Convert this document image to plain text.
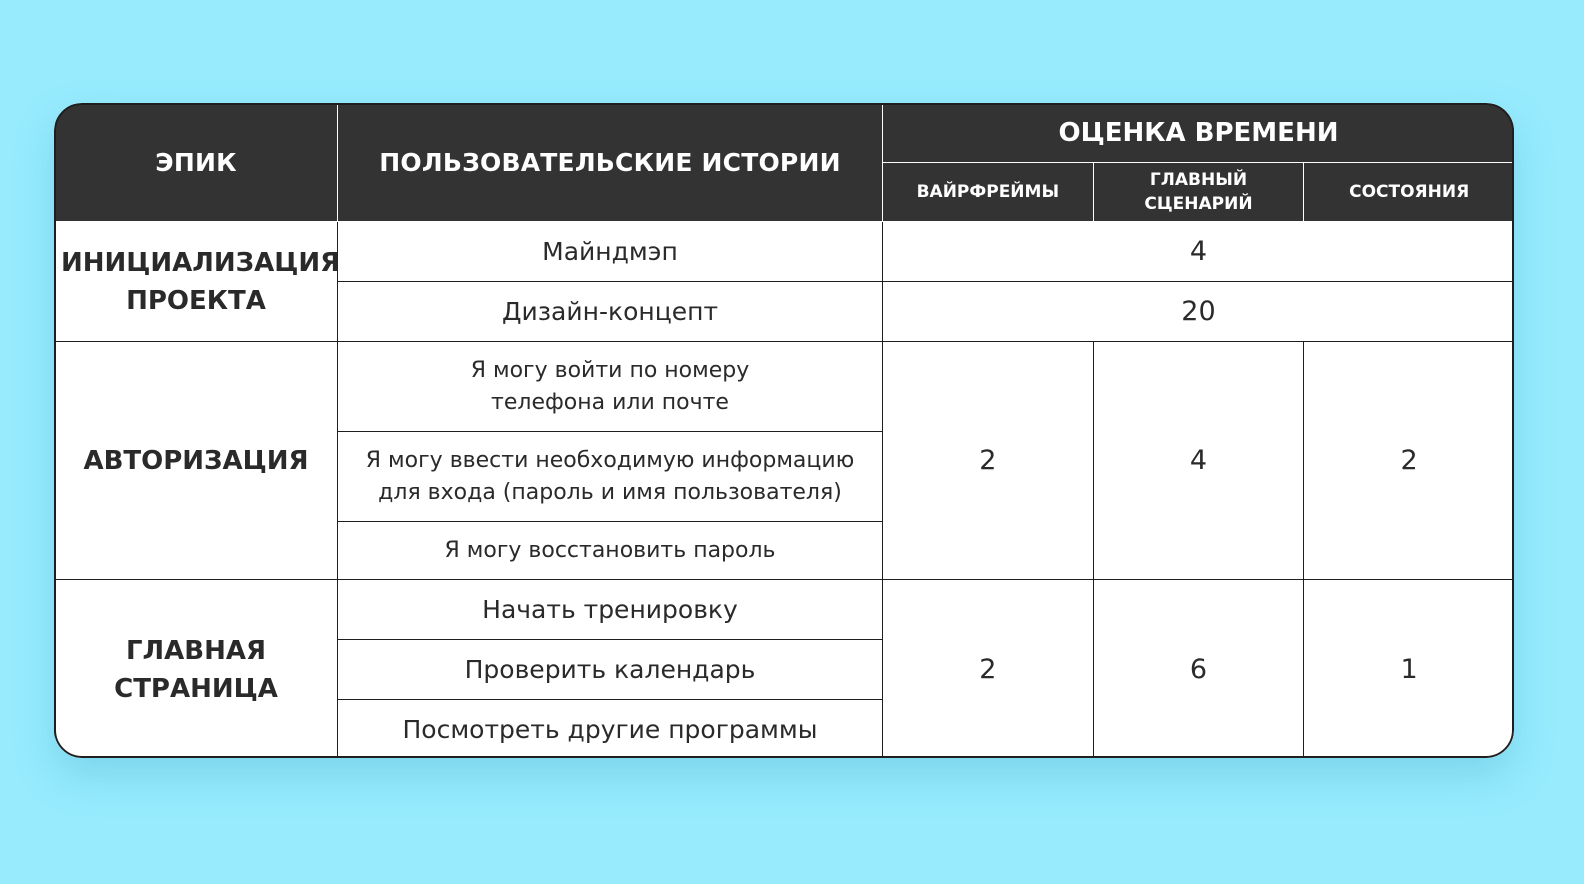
ЭПИК	ПОЛЬЗОВАТЕЛЬСКИЕ ИСТОРИИ	ОЦЕНКА ВРЕМЕНИ		
		ВАЙРФРЕЙМЫ	ГЛАВНЫЙ
СЦЕНАРИЙ	СОСТОЯНИЯ
ИНИЦИАЛИЗАЦИЯ
ПРОЕКТА	Майндмэп	4		
	Дизайн-концепт	20		
АВТОРИЗАЦИЯ	Я могу войти по номеру
телефона или почте	2	4	2
	Я могу ввести необходимую информацию
для входа (пароль и имя пользователя)			
	Я могу восстановить пароль			
ГЛАВНАЯ
СТРАНИЦА	Начать тренировку	2	6	1
	Проверить календарь			
	Посмотреть другие программы			
